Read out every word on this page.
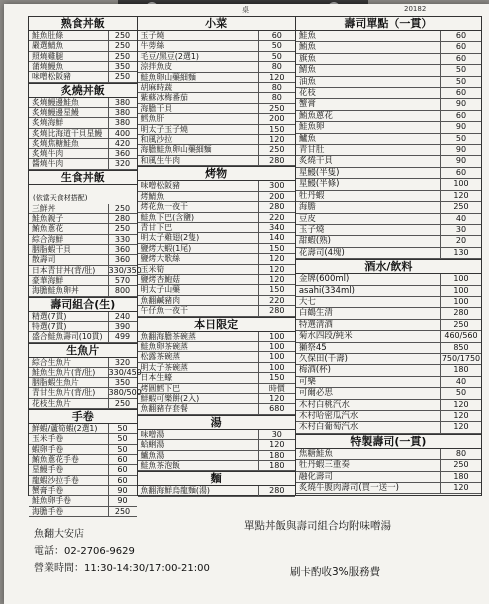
桌	20182
熟食丼飯
鮭魚肚條	250
嚴選鯖魚	250
照燒雞腿	250
蒲燒鰻魚	350
味噌松阪豬	250
炙燒丼飯
炙燒鰻邊鮭魚	380
炙燒鰻邊星鰻	380
炙燒海鮮	380
炙燒比海道干貝星鰻	400
炙燒焦糖鮭魚	420
炙燒牛肉	360
醬燒牛肉	320
生食丼飯
(依當天食材搭配)
三鮮丼	250
鮭魚親子	280
鮪魚蔥花	250
綜合海鮮	330
胭脂蝦干貝	360
散壽司	360
日本青甘丼(背/肚)	330/350
豪華海鮮	570
海膽鮭魚卵丼	800
壽司組合(生)
精選(7貫)	240
特選(7貫)	390
盛合鮭魚壽司(10貫)	499
生魚片
綜合生魚片	320
鮭魚生魚片(背/肚)	330/450
胭脂蝦生魚片	350
青甘生魚片(背/肚)	380/500
花枝生魚片	250
手卷
鮮蝦/蘆筍蝦(2選1)	50
玉米手卷	50
蝦卵手卷	50
鮪魚蔥花手卷	60
星鰻手卷	60
龍蝦沙拉手卷	60
蟹膏手卷	90
鮭魚卵手卷	90
海膽手卷	250
小菜
玉子燒	60
牛蒡絲	50
毛豆/黑豆(2選1)	50
涼拌魚皮	80
鮭魚卵山藥細麵	120
胡麻時蔬	80
紫蘇冰梅番茄	80
海膽干貝	250
鱈魚肝	200
明太子玉子燒	150
和風沙拉	120
海膽鮭魚卵山藥細麵	250
和風生牛肉	280
烤物
味噌松阪豬	300
烤鯖魚	200
烤花魚一夜干	280
鮭魚下巴(含鹽)	220
青甘下巴	340
明太子雞翅(2隻)	140
鹽烤大蝦(1尾)	150
鹽烤大歌絲	120
玉米筍	120
鹽烤杏鮑菇	120
明太子山藥	150
魚翻鹹豬肉	220
午仔魚一夜干	280
本日限定
魚翻海膽茶碗蒸	100
鮭魚卵茶碗蒸	100
松露茶碗蒸	100
明太子茶碗蒸	100
日本生蠔	150
烤圓鱈下巴	時價
鮮蝦可樂餅(2入)	120
魚翻豬存套餐	680
湯
味噌湯	30
蛤蜊湯	120
鱸魚湯	180
鮭魚茶泡飯	180
麵
魚翻海鮮烏龍麵(湯)	280
壽司單點（一貫）
鮭魚	60
鮪魚	60
旗魚	60
鯖魚	50
油魚	50
花枝	60
蟹膏	90
鮪魚蔥花	60
鮭魚卵	90
鱸魚	50
青甘肚	90
炙燒干貝	90
星鰻(半隻)	60
星鰻(半條)	100
牡丹蝦	120
海膽	250
豆皮	40
玉子燒	30
甜蝦(熟)	20
花壽司(4塊)	130
酒水/飲料
金牌(600ml)	100
asahi(334ml)	100
大七	100
白鶴生清	280
特選清酒	250
菊水四段/純米	460/560
獺祭45	850
久保田(千壽)	750/1750
梅酒(杯)	180
可樂	40
可爾必思	50
木村白桃汽水	120
木村哈密瓜汽水	120
木村白葡萄汽水	120
特製壽司(一貫)
焦糖鮭魚	80
牡丹蝦三重奏	250
融化壽司	180
炙燒牛腹肉壽司(買一送一)	120
魚翻大安店
電話：02-2706-9629
營業時間：11:30-14:30/17:00-21:00
單點丼飯與壽司組合均附味噌湯
刷卡酌收3%服務費
